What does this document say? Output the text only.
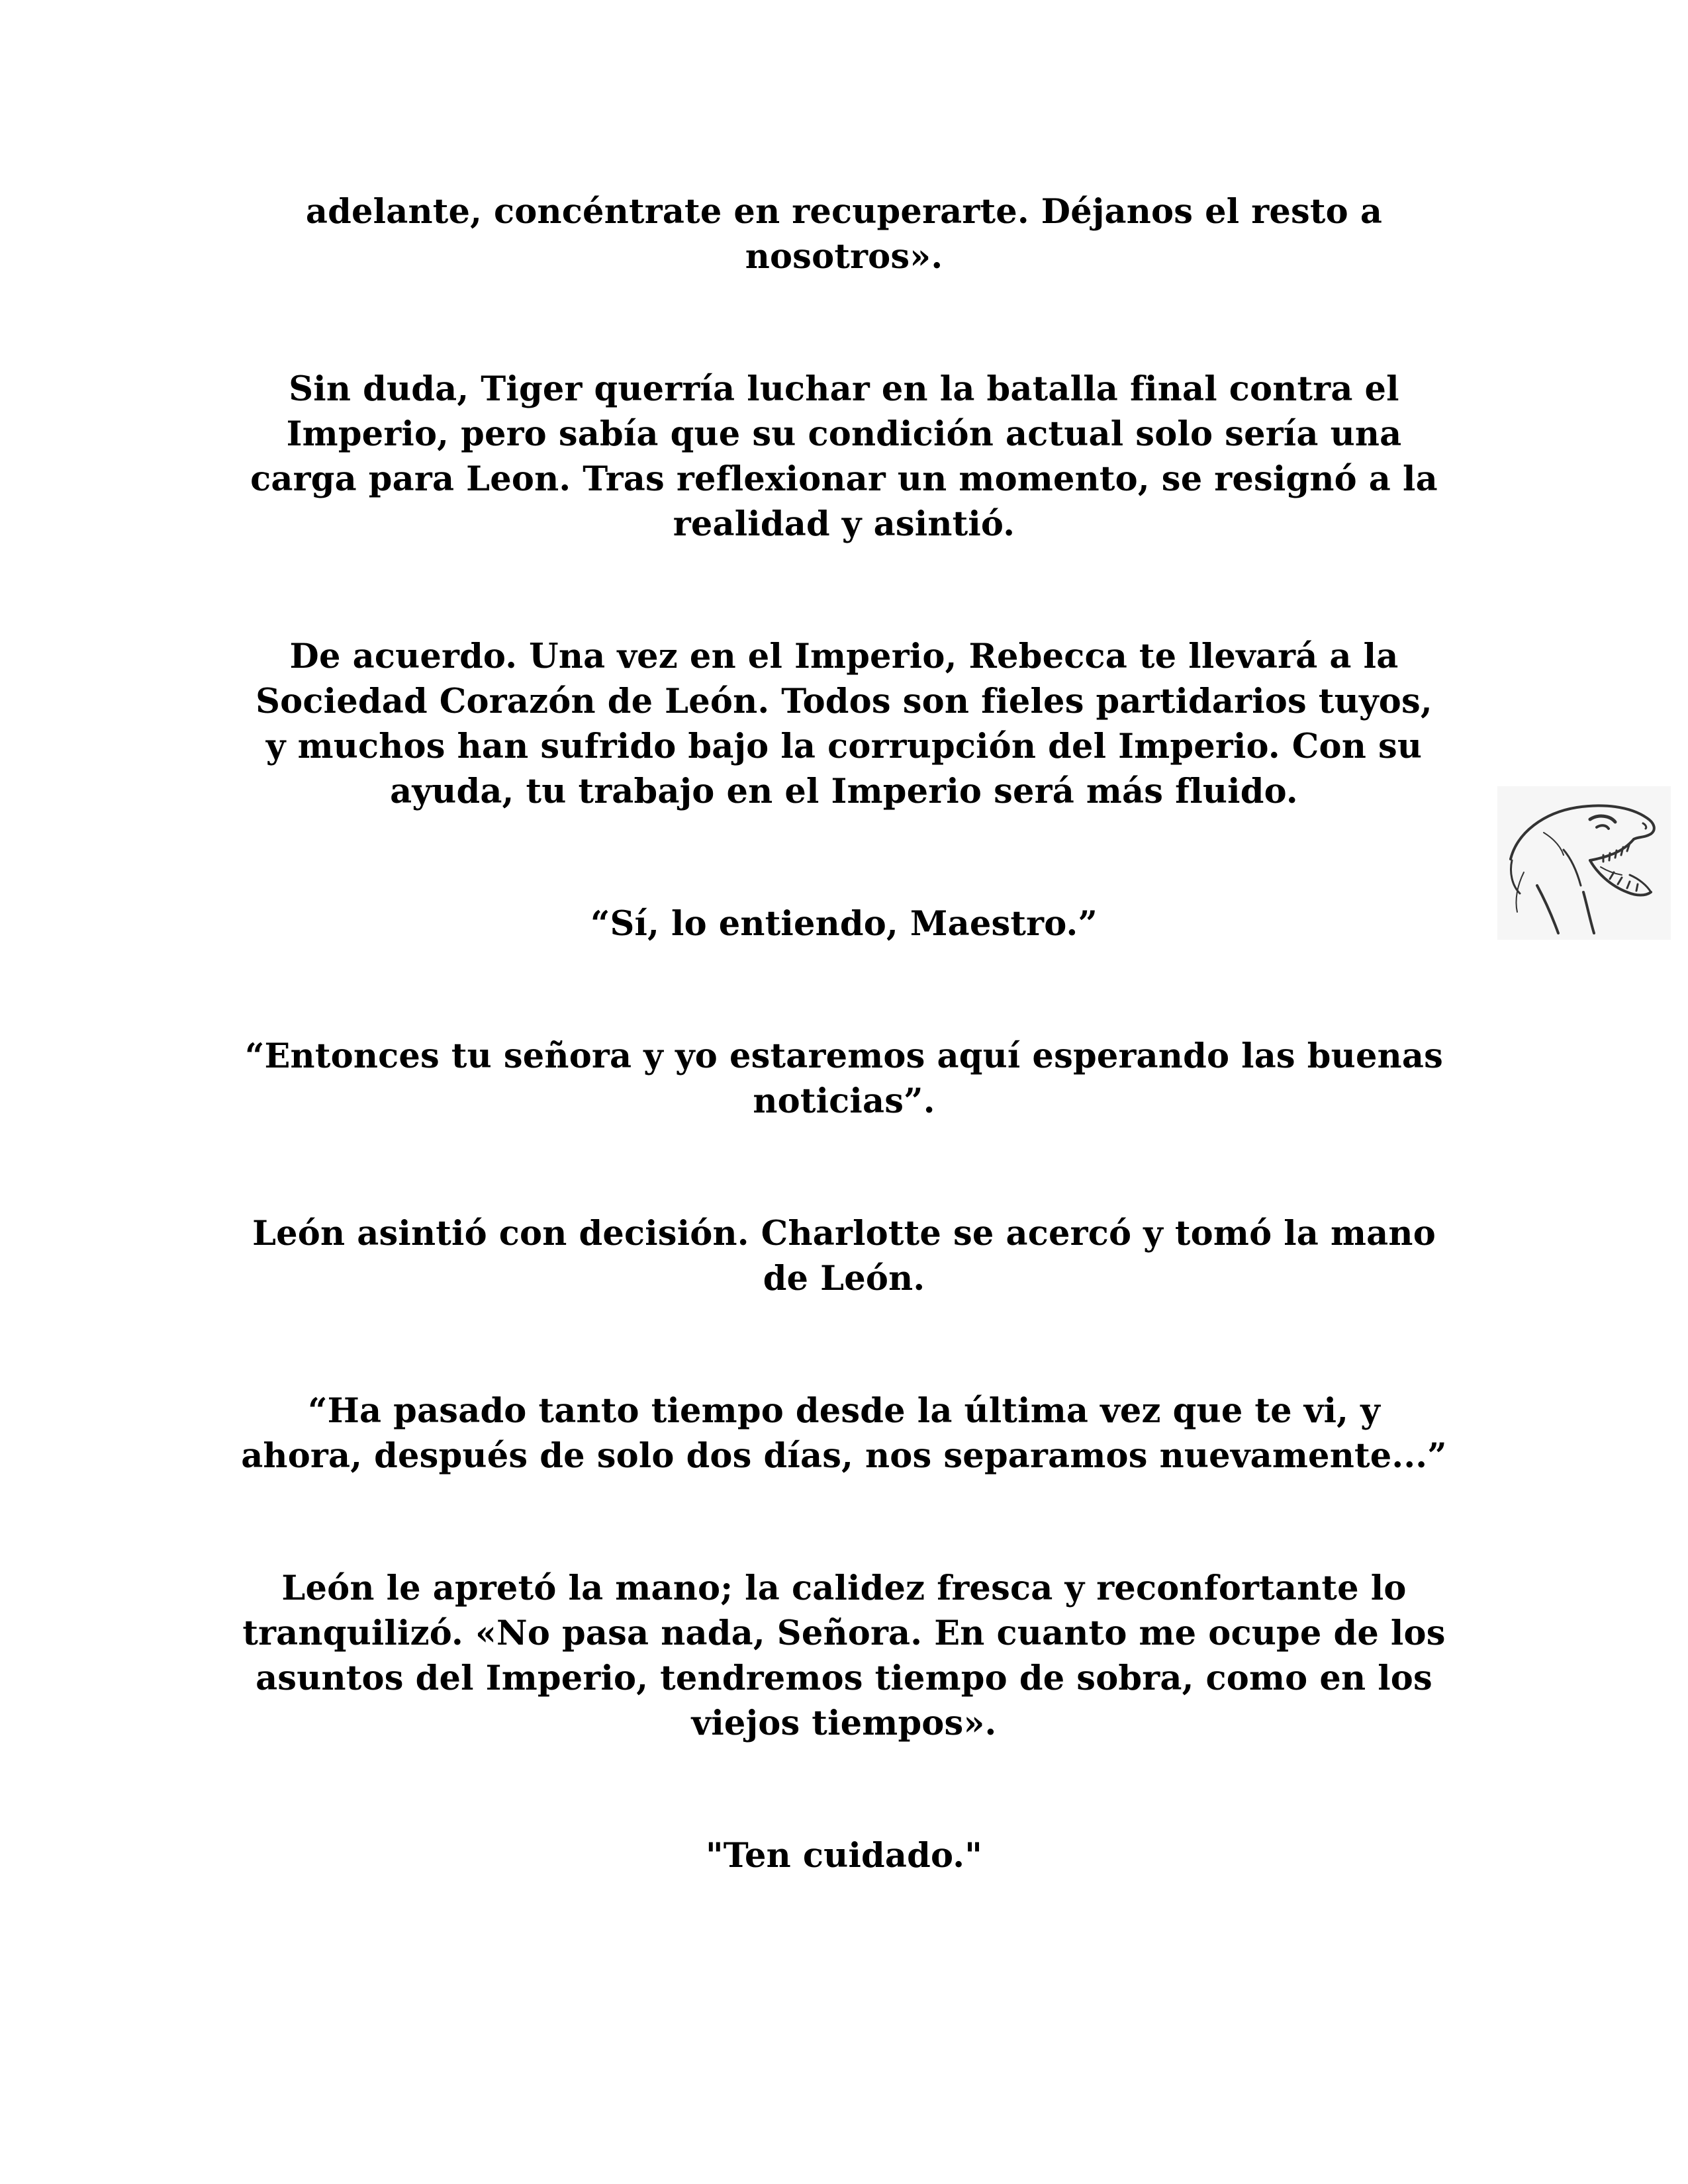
adelante, concéntrate en recuperarte. Déjanos el resto a
nosotros».

Sin duda, Tiger querría luchar en la batalla final contra el
Imperio, pero sabía que su condición actual solo sería una
carga para Leon. Tras reflexionar un momento, se resignó a la
realidad y asintió.

De acuerdo. Una vez en el Imperio, Rebecca te llevará a la
Sociedad Corazón de León. Todos son fieles partidarios tuyos,
y muchos han sufrido bajo la corrupción del Imperio. Con su
ayuda, tu trabajo en el Imperio será más fluido.

“Sí, lo entiendo, Maestro.”

“Entonces tu señora y yo estaremos aquí esperando las buenas
noticias”.

León asintió con decisión. Charlotte se acercó y tomó la mano
de León.

“Ha pasado tanto tiempo desde la última vez que te vi, y
ahora, después de solo dos días, nos separamos nuevamente...”

León le apretó la mano; la calidez fresca y reconfortante lo
tranquilizó. «No pasa nada, Señora. En cuanto me ocupe de los
asuntos del Imperio, tendremos tiempo de sobra, como en los
viejos tiempos».

"Ten cuidado."
